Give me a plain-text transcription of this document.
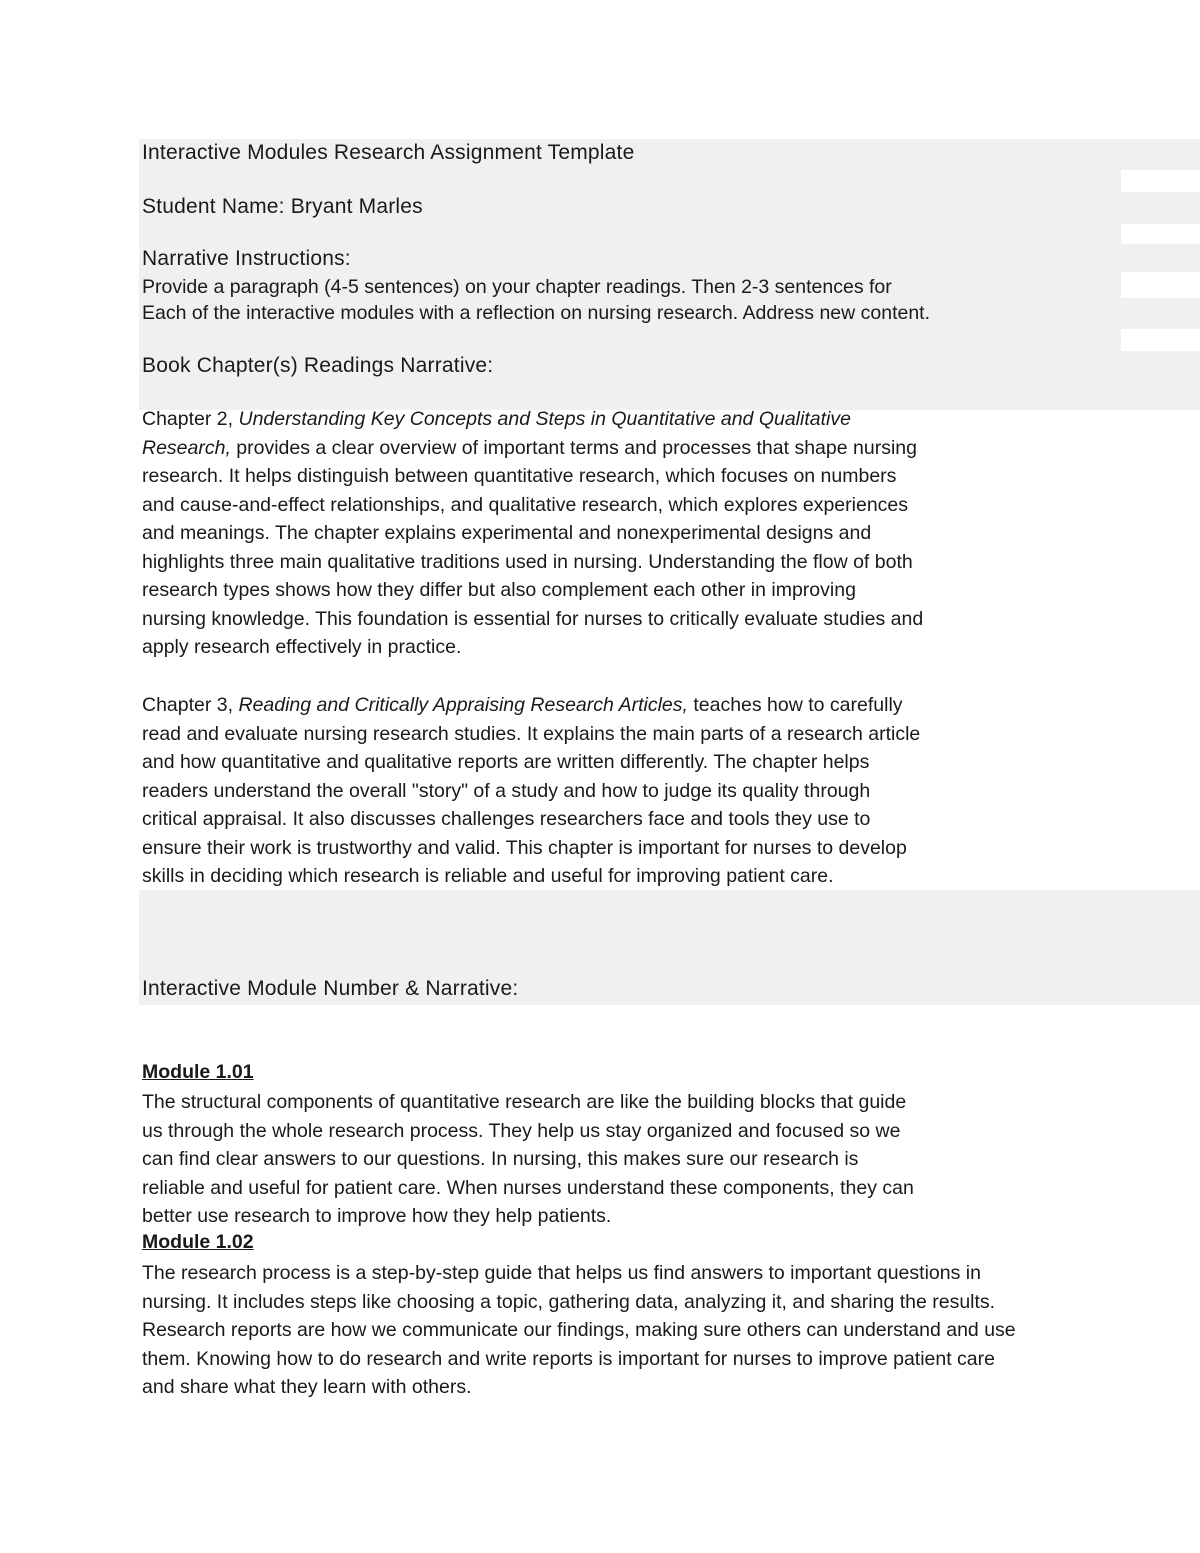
Interactive Modules Research Assignment Template

Student Name: Bryant Marles

Narrative Instructions:

Provide a paragraph (4-5 sentences) on your chapter readings. Then 2-3 sentences for

Each of the interactive modules with a reflection on nursing research. Address new content.

Book Chapter(s) Readings Narrative:

Chapter 2, Understanding Key Concepts and Steps in Quantitative and Qualitative
Research, provides a clear overview of important terms and processes that shape nursing
research. It helps distinguish between quantitative research, which focuses on numbers
and cause-and-effect relationships, and qualitative research, which explores experiences
and meanings. The chapter explains experimental and nonexperimental designs and
highlights three main qualitative traditions used in nursing. Understanding the flow of both
research types shows how they differ but also complement each other in improving
nursing knowledge. This foundation is essential for nurses to critically evaluate studies and
apply research effectively in practice.
Chapter 3, Reading and Critically Appraising Research Articles, teaches how to carefully
read and evaluate nursing research studies. It explains the main parts of a research article
and how quantitative and qualitative reports are written differently. The chapter helps
readers understand the overall "story" of a study and how to judge its quality through
critical appraisal. It also discusses challenges researchers face and tools they use to
ensure their work is trustworthy and valid. This chapter is important for nurses to develop
skills in deciding which research is reliable and useful for improving patient care.

Interactive Module Number & Narrative:

Module 1.01

The structural components of quantitative research are like the building blocks that guide
us through the whole research process. They help us stay organized and focused so we
can find clear answers to our questions. In nursing, this makes sure our research is
reliable and useful for patient care. When nurses understand these components, they can
better use research to improve how they help patients.

Module 1.02

The research process is a step-by-step guide that helps us find answers to important questions in
nursing. It includes steps like choosing a topic, gathering data, analyzing it, and sharing the results.
Research reports are how we communicate our findings, making sure others can understand and use
them. Knowing how to do research and write reports is important for nurses to improve patient care
and share what they learn with others.
